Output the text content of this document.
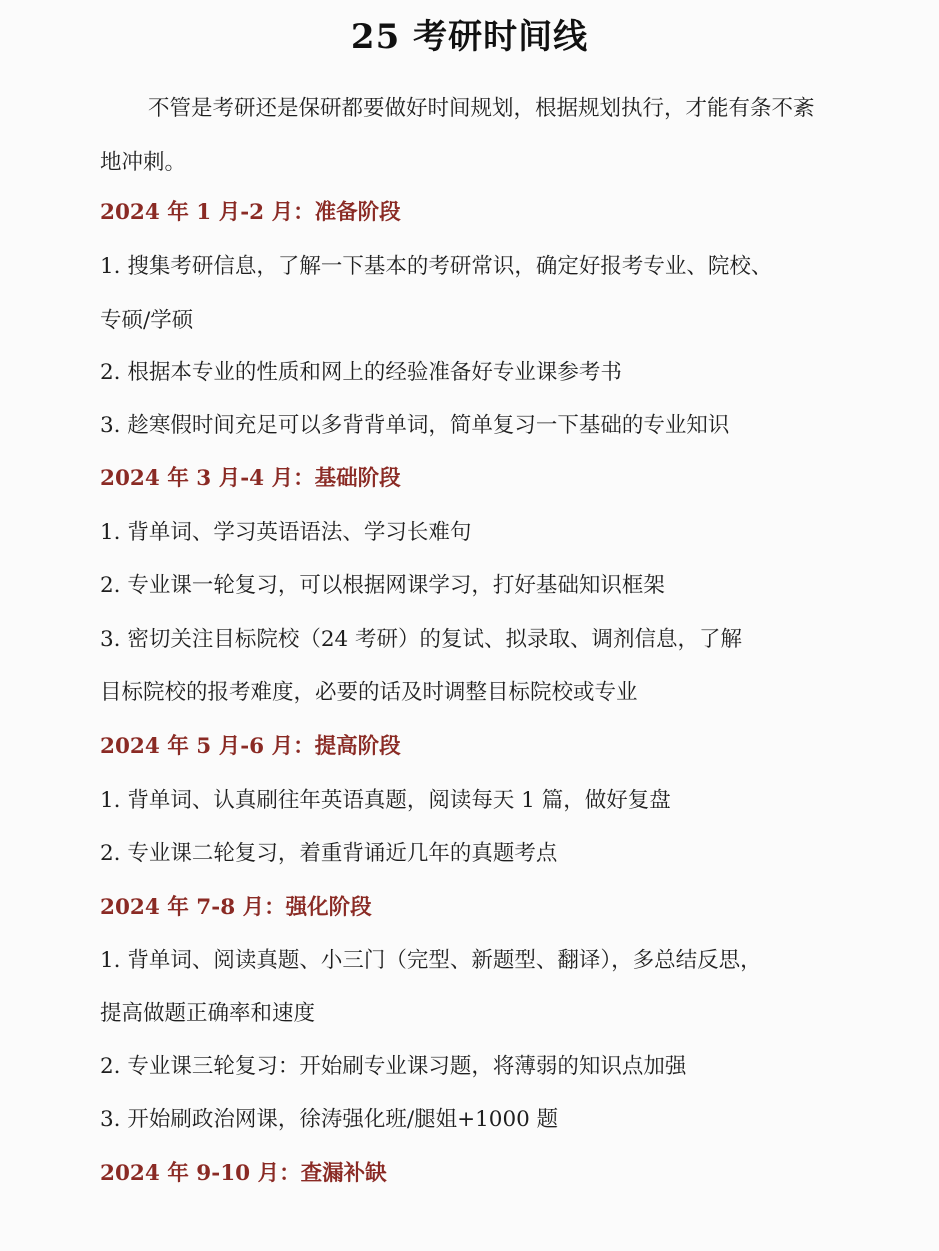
25 考研时间线
不管是考研还是保研都要做好时间规划，根据规划执行，才能有条不紊地冲刺。
2024 年 1 月-2 月：准备阶段
1. 搜集考研信息，了解一下基本的考研常识，确定好报考专业、院校、
专硕/学硕
2. 根据本专业的性质和网上的经验准备好专业课参考书
3. 趁寒假时间充足可以多背背单词，简单复习一下基础的专业知识
2024 年 3 月-4 月：基础阶段
1. 背单词、学习英语语法、学习长难句
2. 专业课一轮复习，可以根据网课学习，打好基础知识框架
3. 密切关注目标院校（24 考研）的复试、拟录取、调剂信息，了解
目标院校的报考难度，必要的话及时调整目标院校或专业
2024 年 5 月-6 月：提高阶段
1. 背单词、认真刷往年英语真题，阅读每天 1 篇，做好复盘
2. 专业课二轮复习，着重背诵近几年的真题考点
2024 年 7-8 月：强化阶段
1. 背单词、阅读真题、小三门（完型、新题型、翻译），多总结反思，
提高做题正确率和速度
2. 专业课三轮复习：开始刷专业课习题，将薄弱的知识点加强
3. 开始刷政治网课，徐涛强化班/腿姐+1000 题
2024 年 9-10 月：查漏补缺
